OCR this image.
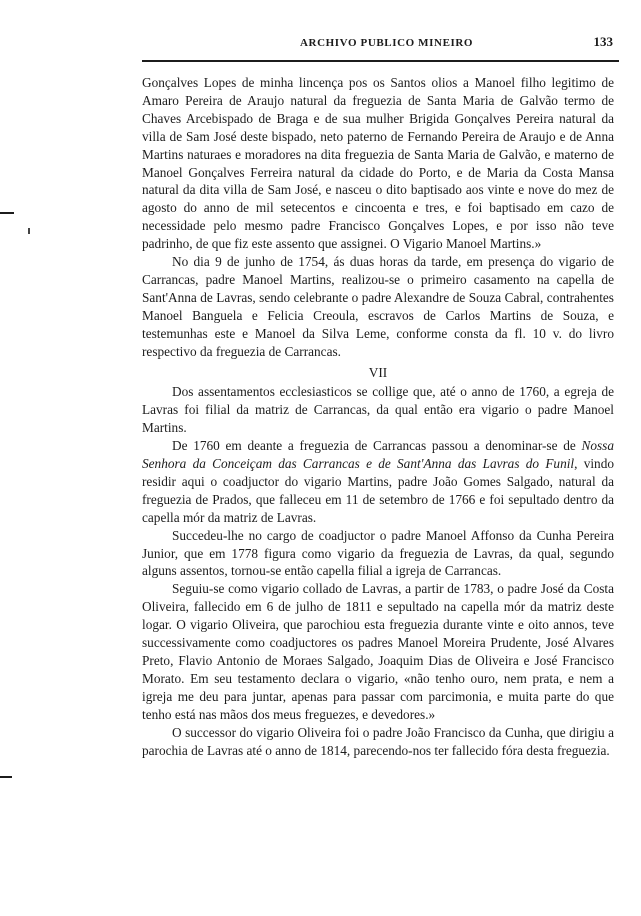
ARCHIVO PUBLICO MINEIRO	133

Gonçalves Lopes de minha lincença pos os Santos olios a Manoel filho legitimo de Amaro Pereira de Araujo natural da freguezia de Santa Maria de Galvão termo de Chaves Arcebispado de Braga e de sua mulher Brigida Gonçalves Pereira natural da villa de Sam José deste bispado, neto paterno de Fernando Pereira de Araujo e de Anna Martins naturaes e moradores na dita freguezia de Santa Maria de Galvão, e materno de Manoel Gonçalves Ferreira natural da cidade do Porto, e de Maria da Costa Mansa natural da dita villa de Sam José, e nasceu o dito baptisado aos vinte e nove do mez de agosto do anno de mil setecentos e cincoenta e tres, e foi baptisado em cazo de necessidade pelo mesmo padre Francisco Gonçalves Lopes, e por isso não teve padrinho, de que fiz este assento que assignei. O Vigario Manoel Martins.»

No dia 9 de junho de 1754, ás duas horas da tarde, em presença do vigario de Carrancas, padre Manoel Martins, realizou-se o primeiro casamento na capella de Sant'Anna de Lavras, sendo celebrante o padre Alexandre de Souza Cabral, contrahentes Manoel Banguela e Felicia Creoula, escravos de Carlos Martins de Souza, e testemunhas este e Manoel da Silva Leme, conforme consta da fl. 10 v. do livro respectivo da freguezia de Carrancas.

VII

Dos assentamentos ecclesiasticos se collige que, até o anno de 1760, a egreja de Lavras foi filial da matriz de Carrancas, da qual então era vigario o padre Manoel Martins.

De 1760 em deante a freguezia de Carrancas passou a denominar-se de Nossa Senhora da Conceiçam das Carrancas e de Sant'Anna das Lavras do Funil, vindo residir aqui o coadjuctor do vigario Martins, padre João Gomes Salgado, natural da freguezia de Prados, que falleceu em 11 de setembro de 1766 e foi sepultado dentro da capella mór da matriz de Lavras.

Succedeu-lhe no cargo de coadjuctor o padre Manoel Affonso da Cunha Pereira Junior, que em 1778 figura como vigario da freguezia de Lavras, da qual, segundo alguns assentos, tornou-se então capella filial a igreja de Carrancas.

Seguiu-se como vigario collado de Lavras, a partir de 1783, o padre José da Costa Oliveira, fallecido em 6 de julho de 1811 e sepultado na capella mór da matriz deste logar. O vigario Oliveira, que parochiou esta freguezia durante vinte e oito annos, teve successivamente como coadjuctores os padres Manoel Moreira Prudente, José Alvares Preto, Flavio Antonio de Moraes Salgado, Joaquim Dias de Oliveira e José Francisco Morato. Em seu testamento declara o vigario, «não tenho ouro, nem prata, e nem a igreja me deu para juntar, apenas para passar com parcimonia, e muita parte do que tenho está nas mãos dos meus freguezes, e devedores.»

O successor do vigario Oliveira foi o padre João Francisco da Cunha, que dirigiu a parochia de Lavras até o anno de 1814, parecendo-nos ter fallecido fóra desta freguezia.
